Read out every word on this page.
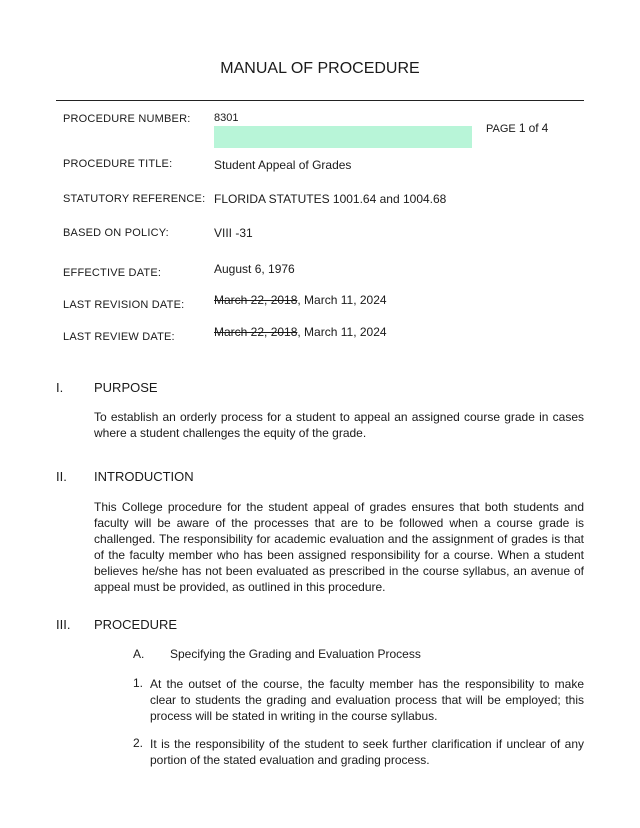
MANUAL OF PROCEDURE
PROCEDURE NUMBER: 8301
PAGE 1 of 4
PROCEDURE TITLE:	Student Appeal of Grades
STATUTORY REFERENCE: FLORIDA STATUTES 1001.64 and 1004.68
BASED ON POLICY:	VIII -31
EFFECTIVE DATE:	August 6, 1976
LAST REVISION DATE: March 22, 2018, March 11, 2024
LAST REVIEW DATE:	March 22, 2018, March 11, 2024
I. PURPOSE

To establish an orderly process for a student to appeal an assigned course grade in cases where a student challenges the equity of the grade.

II. INTRODUCTION

This College procedure for the student appeal of grades ensures that both students and faculty will be aware of the processes that are to be followed when a course grade is challenged. The responsibility for academic evaluation and the assignment of grades is that of the faculty member who has been assigned responsibility for a course. When a student believes he/she has not been evaluated as prescribed in the course syllabus, an avenue of appeal must be provided, as outlined in this procedure.

III. PROCEDURE
A. Specifying the Grading and Evaluation Process
1. At the outset of the course, the faculty member has the responsibility to make clear to students the grading and evaluation process that will be employed; this process will be stated in writing in the course syllabus.

2. It is the responsibility of the student to seek further clarification if unclear of any portion of the stated evaluation and grading process.
